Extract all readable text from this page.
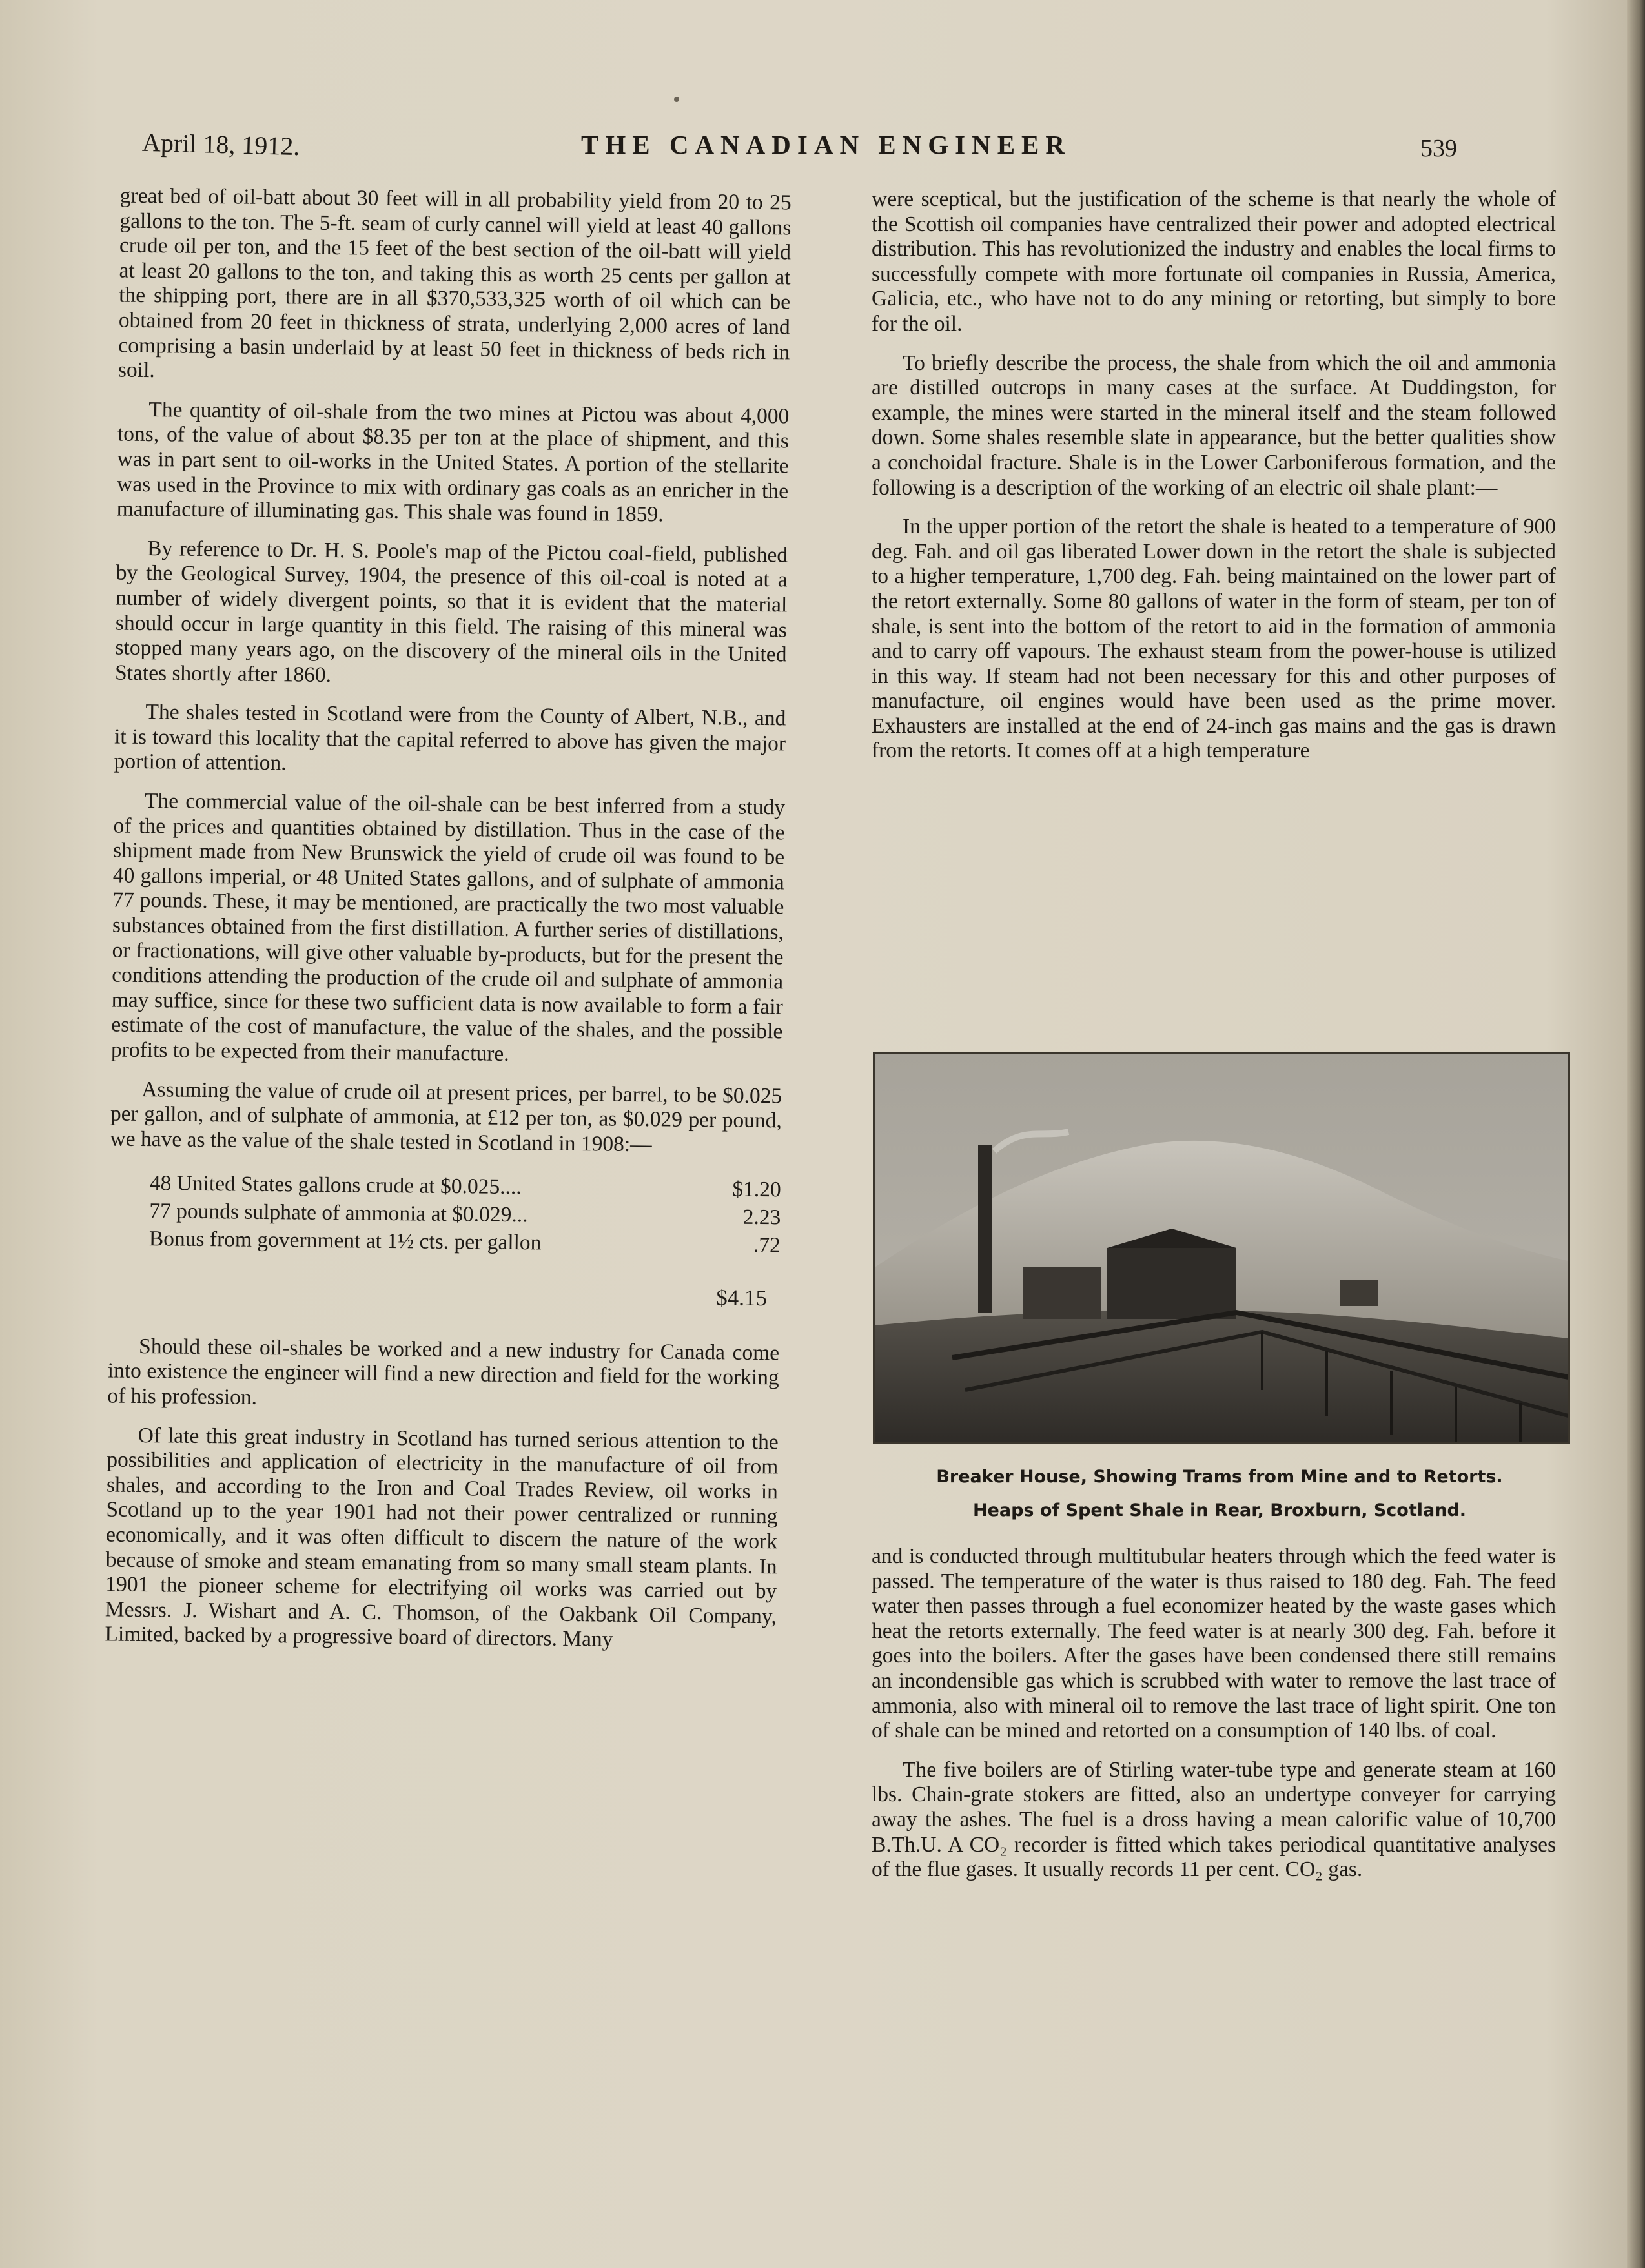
April 18, 1912.	THE CANADIAN ENGINEER	539

great bed of oil-batt about 30 feet will in all probability yield from 20 to 25 gallons to the ton. The 5-ft. seam of curly cannel will yield at least 40 gallons crude oil per ton, and the 15 feet of the best section of the oil-batt will yield at least 20 gallons to the ton, and taking this as worth 25 cents per gallon at the shipping port, there are in all $370,533,325 worth of oil which can be obtained from 20 feet in thickness of strata, underlying 2,000 acres of land comprising a basin underlaid by at least 50 feet in thickness of beds rich in soil.

The quantity of oil-shale from the two mines at Pictou was about 4,000 tons, of the value of about $8.35 per ton at the place of shipment, and this was in part sent to oil-works in the United States. A portion of the stellarite was used in the Province to mix with ordinary gas coals as an enricher in the manufacture of illuminating gas. This shale was found in 1859.

By reference to Dr. H. S. Poole's map of the Pictou coal-field, published by the Geological Survey, 1904, the presence of this oil-coal is noted at a number of widely divergent points, so that it is evident that the material should occur in large quantity in this field. The raising of this mineral was stopped many years ago, on the discovery of the mineral oils in the United States shortly after 1860.

The shales tested in Scotland were from the County of Albert, N.B., and it is toward this locality that the capital referred to above has given the major portion of attention.

The commercial value of the oil-shale can be best inferred from a study of the prices and quantities obtained by distillation. Thus in the case of the shipment made from New Brunswick the yield of crude oil was found to be 40 gallons imperial, or 48 United States gallons, and of sulphate of ammonia 77 pounds. These, it may be mentioned, are practically the two most valuable substances obtained from the first distillation. A further series of distillations, or fractionations, will give other valuable by-products, but for the present the conditions attending the production of the crude oil and sulphate of ammonia may suffice, since for these two sufficient data is now available to form a fair estimate of the cost of manufacture, the value of the shales, and the possible profits to be expected from their manufacture.

Assuming the value of crude oil at present prices, per barrel, to be $0.025 per gallon, and of sulphate of ammonia, at £12 per ton, as $0.029 per pound, we have as the value of the shale tested in Scotland in 1908:—

48 United States gallons crude at $0.025....	$1.20
77 pounds sulphate of ammonia at $0.029...	2.23
Bonus from government at 1½ cts. per gallon	.72
$4.15

Should these oil-shales be worked and a new industry for Canada come into existence the engineer will find a new direction and field for the working of his profession.

Of late this great industry in Scotland has turned serious attention to the possibilities and application of electricity in the manufacture of oil from shales, and according to the Iron and Coal Trades Review, oil works in Scotland up to the year 1901 had not their power centralized or running economically, and it was often difficult to discern the nature of the work because of smoke and steam emanating from so many small steam plants. In 1901 the pioneer scheme for electrifying oil works was carried out by Messrs. J. Wishart and A. C. Thomson, of the Oakbank Oil Company, Limited, backed by a progressive board of directors. Many

were sceptical, but the justification of the scheme is that nearly the whole of the Scottish oil companies have centralized their power and adopted electrical distribution. This has revolutionized the industry and enables the local firms to successfully compete with more fortunate oil companies in Russia, America, Galicia, etc., who have not to do any mining or retorting, but simply to bore for the oil.

To briefly describe the process, the shale from which the oil and ammonia are distilled outcrops in many cases at the surface. At Duddingston, for example, the mines were started in the mineral itself and the steam followed down. Some shales resemble slate in appearance, but the better qualities show a conchoidal fracture. Shale is in the Lower Carboniferous formation, and the following is a description of the working of an electric oil shale plant:—

In the upper portion of the retort the shale is heated to a temperature of 900 deg. Fah. and oil gas liberated Lower down in the retort the shale is subjected to a higher temperature, 1,700 deg. Fah. being maintained on the lower part of the retort externally. Some 80 gallons of water in the form of steam, per ton of shale, is sent into the bottom of the retort to aid in the formation of ammonia and to carry off vapours. The exhaust steam from the power-house is utilized in this way. If steam had not been necessary for this and other purposes of manufacture, oil engines would have been used as the prime mover. Exhausters are installed at the end of 24-inch gas mains and the gas is drawn from the retorts. It comes off at a high temperature

Breaker House, Showing Trams from Mine and to Retorts.
Heaps of Spent Shale in Rear, Broxburn, Scotland.

and is conducted through multitubular heaters through which the feed water is passed. The temperature of the water is thus raised to 180 deg. Fah. The feed water then passes through a fuel economizer heated by the waste gases which heat the retorts externally. The feed water is at nearly 300 deg. Fah. before it goes into the boilers. After the gases have been condensed there still remains an incondensible gas which is scrubbed with water to remove the last trace of ammonia, also with mineral oil to remove the last trace of light spirit. One ton of shale can be mined and retorted on a consumption of 140 lbs. of coal.

The five boilers are of Stirling water-tube type and generate steam at 160 lbs. Chain-grate stokers are fitted, also an undertype conveyer for carrying away the ashes. The fuel is a dross having a mean calorific value of 10,700 B.Th.U. A CO₂ recorder is fitted which takes periodical quantitative analyses of the flue gases. It usually records 11 per cent. CO₂ gas.
